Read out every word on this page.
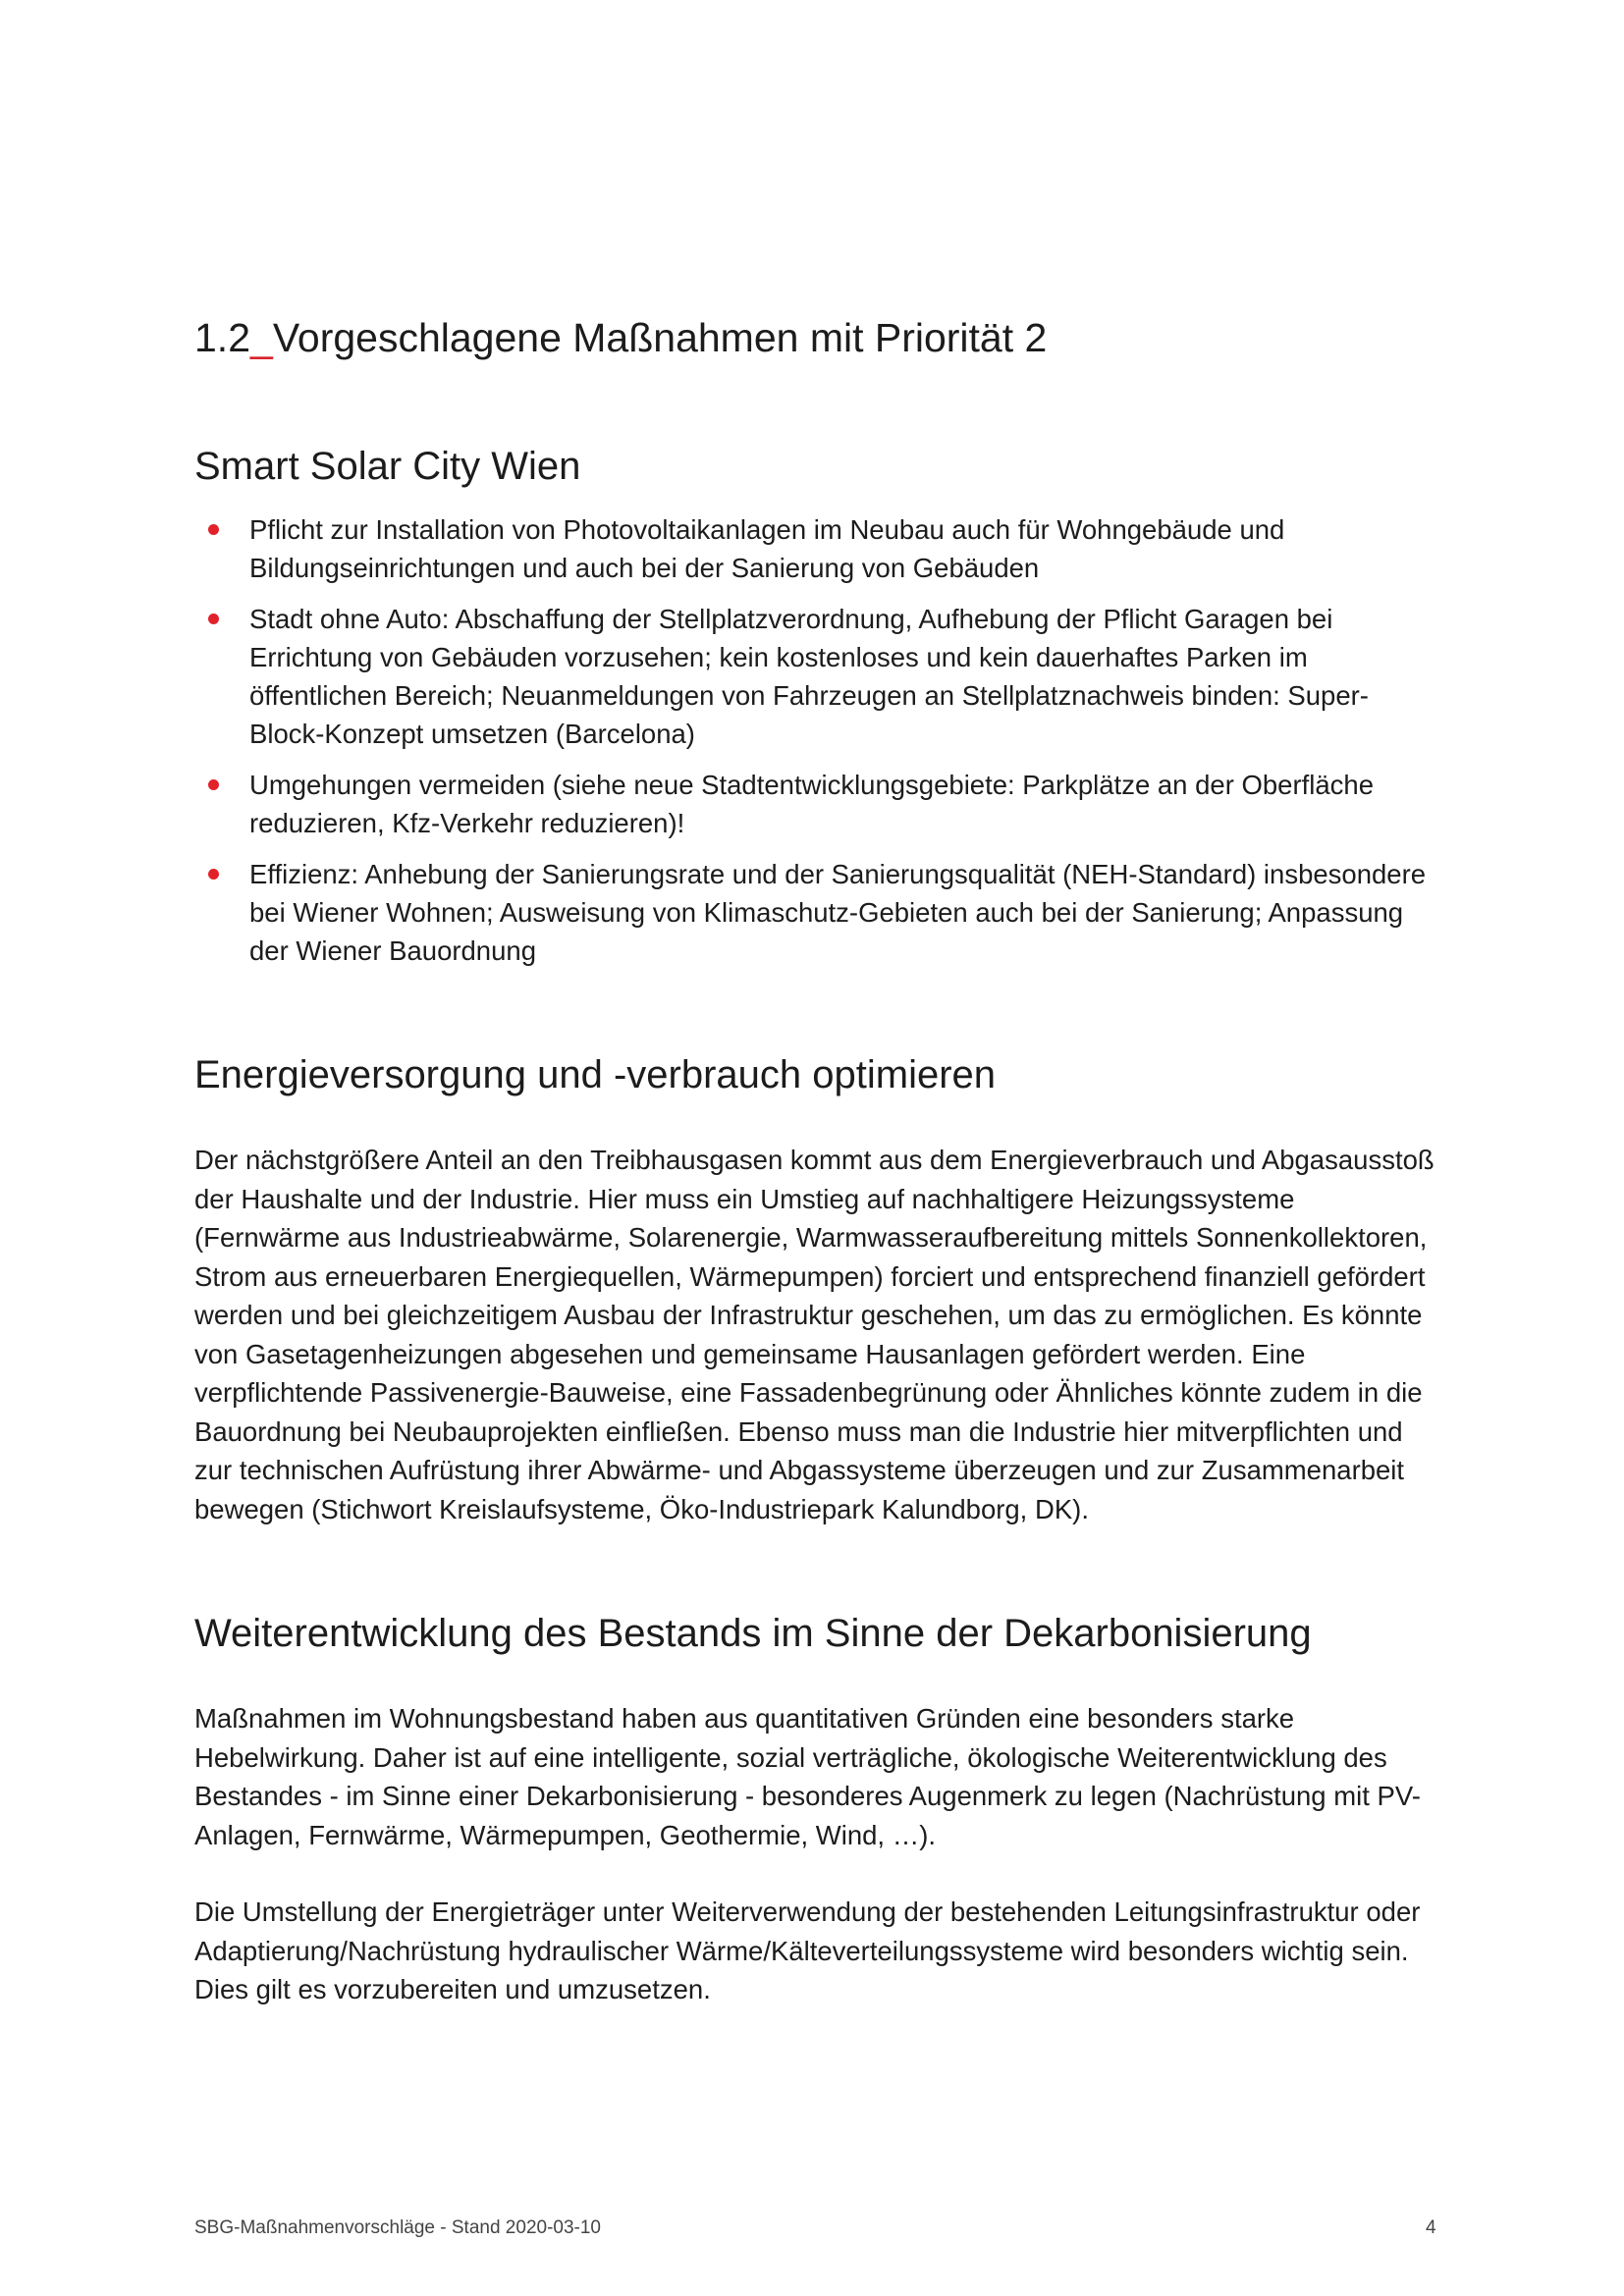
1.2_Vorgeschlagene Maßnahmen mit Priorität 2
Smart Solar City Wien
Pflicht zur Installation von Photovoltaikanlagen im Neubau auch für Wohngebäude und Bildungseinrichtungen und auch bei der Sanierung von Gebäuden
Stadt ohne Auto: Abschaffung der Stellplatzverordnung, Aufhebung der Pflicht Garagen bei Errichtung von Gebäuden vorzusehen; kein kostenloses und kein dauerhaftes Parken im öffentlichen Bereich; Neuanmeldungen von Fahrzeugen an Stellplatznachweis binden: Super-Block-Konzept umsetzen (Barcelona)
Umgehungen vermeiden (siehe neue Stadtentwicklungsgebiete: Parkplätze an der Oberfläche reduzieren, Kfz-Verkehr reduzieren)!
Effizienz: Anhebung der Sanierungsrate und der Sanierungsqualität (NEH-Standard) insbesondere bei Wiener Wohnen; Ausweisung von Klimaschutz-Gebieten auch bei der Sanierung; Anpassung der Wiener Bauordnung
Energieversorgung und -verbrauch optimieren

Der nächstgrößere Anteil an den Treibhausgasen kommt aus dem Energieverbrauch und Abgasausstoß der Haushalte und der Industrie. Hier muss ein Umstieg auf nachhaltigere Heizungssysteme (Fernwärme aus Industrieabwärme, Solarenergie, Warmwasseraufbereitung mittels Sonnenkollektoren, Strom aus erneuerbaren Energiequellen, Wärmepumpen) forciert und entsprechend finanziell gefördert werden und bei gleichzeitigem Ausbau der Infrastruktur geschehen, um das zu ermöglichen. Es könnte von Gasetagenheizungen abgesehen und gemeinsame Hausanlagen gefördert werden. Eine verpflichtende Passivenergie-Bauweise, eine Fassadenbegrünung oder Ähnliches könnte zudem in die Bauordnung bei Neubauprojekten einfließen. Ebenso muss man die Industrie hier mitverpflichten und zur technischen Aufrüstung ihrer Abwärme- und Abgassysteme überzeugen und zur Zusammenarbeit bewegen (Stichwort Kreislaufsysteme, Öko-Industriepark Kalundborg, DK).

Weiterentwicklung des Bestands im Sinne der Dekarbonisierung

Maßnahmen im Wohnungsbestand haben aus quantitativen Gründen eine besonders starke Hebelwirkung. Daher ist auf eine intelligente, sozial verträgliche, ökologische Weiterentwicklung des Bestandes - im Sinne einer Dekarbonisierung - besonderes Augenmerk zu legen (Nachrüstung mit PV-Anlagen, Fernwärme, Wärmepumpen, Geothermie, Wind, …).

Die Umstellung der Energieträger unter Weiterverwendung der bestehenden Leitungsinfrastruktur oder Adaptierung/Nachrüstung hydraulischer Wärme/Kälteverteilungssysteme wird besonders wichtig sein. Dies gilt es vorzubereiten und umzusetzen.

SBG-Maßnahmenvorschläge - Stand 2020-03-10	4
